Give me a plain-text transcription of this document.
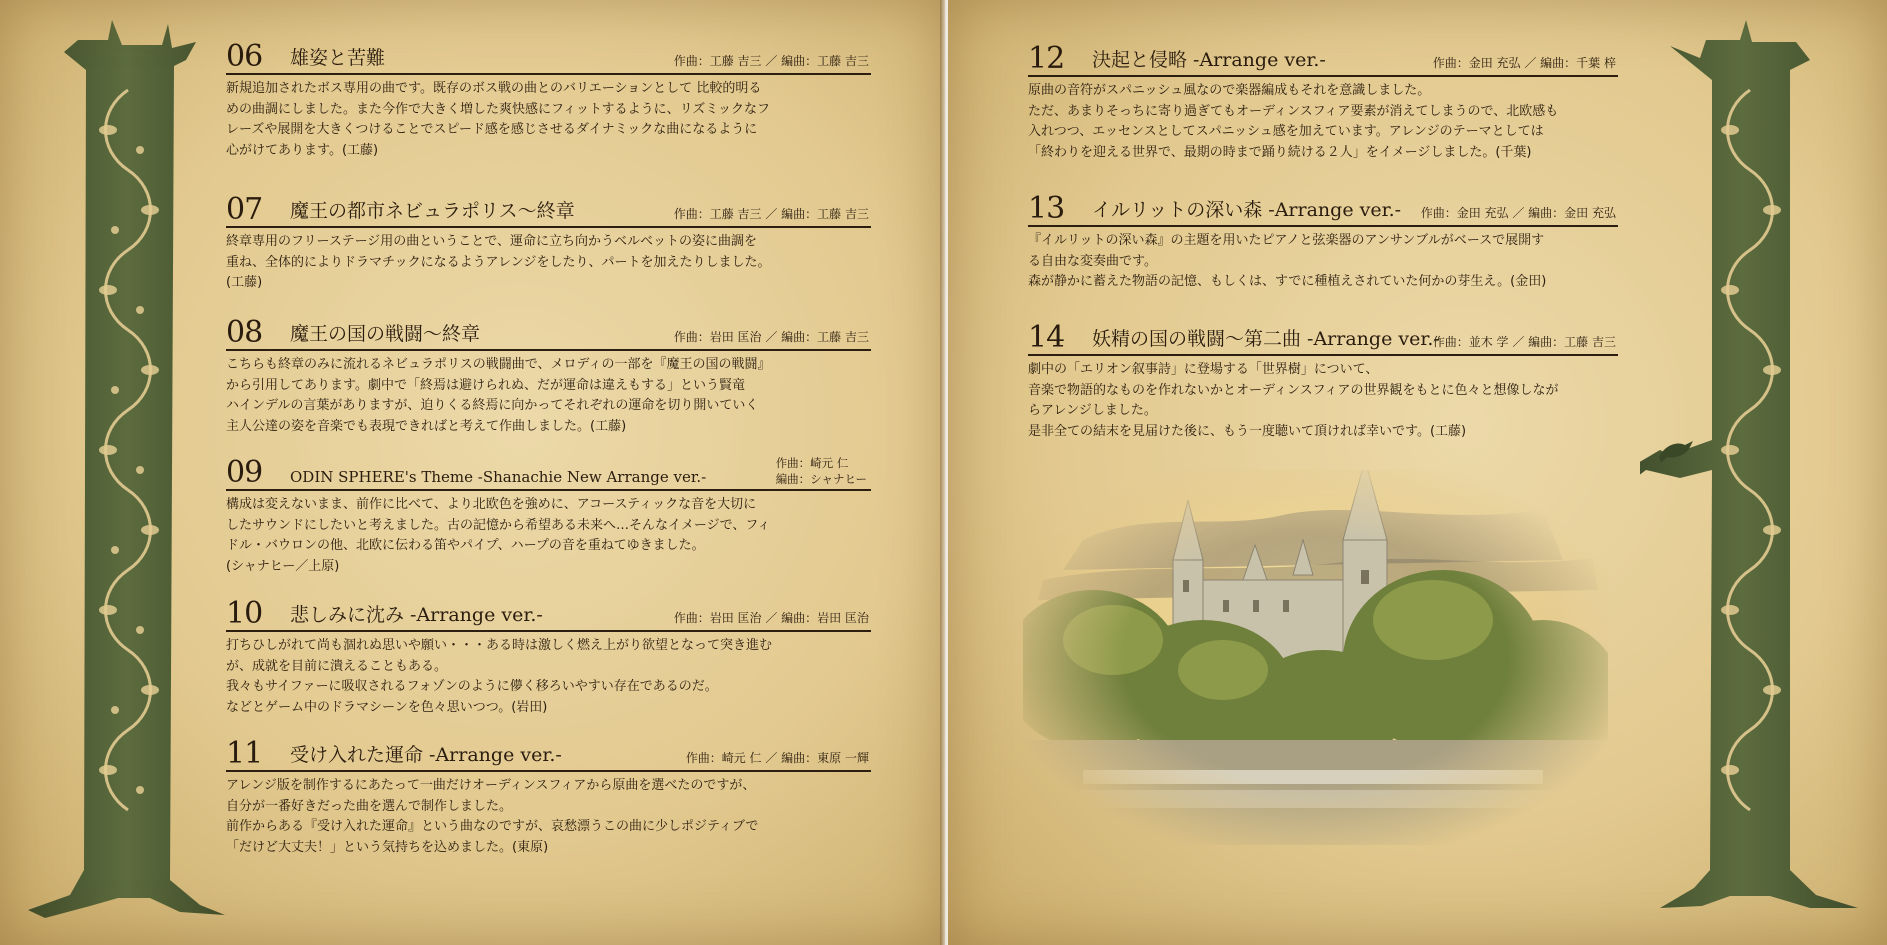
06 雄姿と苦難	作曲：工藤 吉三 ／ 編曲：工藤 吉三

新規追加されたボス専用の曲です。既存のボス戦の曲とのバリエーションとして 比較的明る

めの曲調にしました。また今作で大きく増した爽快感にフィットするように、リズミックなフ

レーズや展開を大きくつけることでスピード感を感じさせるダイナミックな曲になるように

心がけてあります。(工藤)

07 魔王の都市ネビュラポリス～終章	作曲：工藤 吉三 ／ 編曲：工藤 吉三

終章専用のフリーステージ用の曲ということで、運命に立ち向かうベルベットの姿に曲調を

重ね、全体的によりドラマチックになるようアレンジをしたり、パートを加えたりしました。

(工藤)

08 魔王の国の戦闘～終章	作曲：岩田 匡治 ／ 編曲：工藤 吉三

こちらも終章のみに流れるネビュラポリスの戦闘曲で、メロディの一部を『魔王の国の戦闘』

から引用してあります。劇中で「終焉は避けられぬ、だが運命は違えもする」という賢竜

ハインデルの言葉がありますが、迫りくる終焉に向かってそれぞれの運命を切り開いていく

主人公達の姿を音楽でも表現できればと考えて作曲しました。(工藤)

09 ODIN SPHERE's Theme -Shanachie New Arrange ver.-
作曲：崎元 仁
編曲：シャナヒー

構成は変えないまま、前作に比べて、より北欧色を強めに、アコースティックな音を大切に

したサウンドにしたいと考えました。古の記憶から希望ある未来へ…そんなイメージで、フィ

ドル・バウロンの他、北欧に伝わる笛やパイプ、ハープの音を重ねてゆきました。

(シャナヒー／上原)

10 悲しみに沈み -Arrange ver.-	作曲：岩田 匡治 ／ 編曲：岩田 匡治

打ちひしがれて尚も涸れぬ思いや願い・・・ある時は激しく燃え上がり欲望となって突き進む

が、成就を目前に潰えることもある。

我々もサイファーに吸収されるフォゾンのように儚く移ろいやすい存在であるのだ。

などとゲーム中のドラマシーンを色々思いつつ。(岩田)

11 受け入れた運命 -Arrange ver.-	作曲：崎元 仁 ／ 編曲：東原 一輝

アレンジ版を制作するにあたって一曲だけオーディンスフィアから原曲を選べたのですが、

自分が一番好きだった曲を選んで制作しました。

前作からある『受け入れた運命』という曲なのですが、哀愁漂うこの曲に少しポジティブで

「だけど大丈夫！」という気持ちを込めました。(東原)

12 決起と侵略 -Arrange ver.-	作曲：金田 充弘 ／ 編曲：千葉 梓

原曲の音符がスパニッシュ風なので楽器編成もそれを意識しました。

ただ、あまりそっちに寄り過ぎてもオーディンスフィア要素が消えてしまうので、北欧感も

入れつつ、エッセンスとしてスパニッシュ感を加えています。アレンジのテーマとしては

「終わりを迎える世界で、最期の時まで踊り続ける２人」をイメージしました。(千葉)

13 イルリットの深い森 -Arrange ver.- 作曲：金田 充弘 ／ 編曲：金田 充弘

『イルリットの深い森』の主題を用いたピアノと弦楽器のアンサンブルがベースで展開す

る自由な変奏曲です。

森が静かに蓄えた物語の記憶、もしくは、すでに種植えされていた何かの芽生え。(金田)

14 妖精の国の戦闘～第二曲 -Arrange ver.-
作曲：並木 学 ／ 編曲：工藤 吉三

劇中の「エリオン叙事詩」に登場する「世界樹」について、

音楽で物語的なものを作れないかとオーディンスフィアの世界観をもとに色々と想像しなが

らアレンジしました。

是非全ての結末を見届けた後に、もう一度聴いて頂ければ幸いです。(工藤)
